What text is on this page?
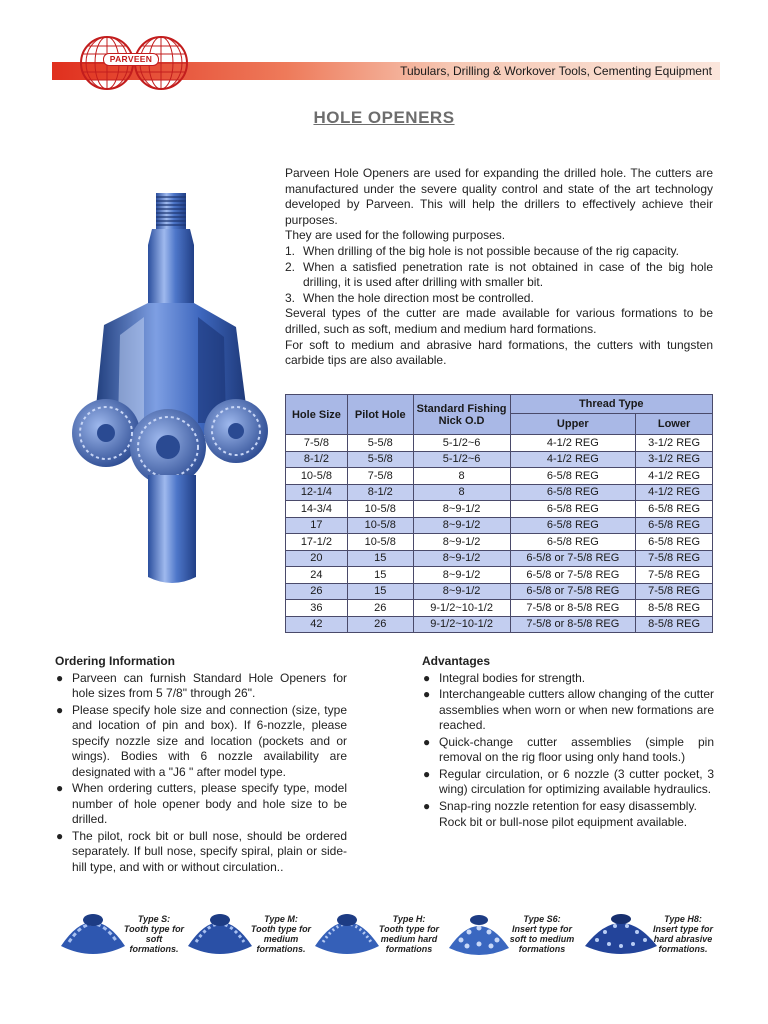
PARVEEN
Tubulars, Drilling & Workover Tools, Cementing Equipment
HOLE OPENERS

Parveen Hole Openers are used for expanding the drilled hole. The cutters are manufactured under the severe quality control and state of the art technology developed by Parveen. This will help the drillers to effectively achieve their purposes.

They are used for the following purposes.

1. When drilling of the big hole is not possible because of the rig capacity.
2. When a satisfied penetration rate is not obtained in case of the big hole drilling, it is used after drilling with smaller bit.
3. When the hole direction most be controlled.

Several types of the cutter are made available for various formations to be drilled, such as soft, medium and medium hard formations.

For soft to medium and abrasive hard formations, the cutters with tungsten carbide tips are also available.

Hole Size	Pilot Hole	Standard Fishing Nick O.D	Thread Type	
			Upper	Lower
7-5/8	5-5/8	5-1/2~6	4-1/2 REG	3-1/2 REG
8-1/2	5-5/8	5-1/2~6	4-1/2 REG	3-1/2 REG
10-5/8	7-5/8	8	6-5/8 REG	4-1/2 REG
12-1/4	8-1/2	8	6-5/8 REG	4-1/2 REG
14-3/4	10-5/8	8~9-1/2	6-5/8 REG	6-5/8 REG
17	10-5/8	8~9-1/2	6-5/8 REG	6-5/8 REG
17-1/2	10-5/8	8~9-1/2	6-5/8 REG	6-5/8 REG
20	15	8~9-1/2	6-5/8 or 7-5/8 REG	7-5/8 REG
24	15	8~9-1/2	6-5/8 or 7-5/8 REG	7-5/8 REG
26	15	8~9-1/2	6-5/8 or 7-5/8 REG	7-5/8 REG
36	26	9-1/2~10-1/2	7-5/8 or 8-5/8 REG	8-5/8 REG
42	26	9-1/2~10-1/2	7-5/8 or 8-5/8 REG	8-5/8 REG
Ordering Information
● Parveen can furnish Standard Hole Openers for hole sizes from 5 7/8" through 26".
● Please specify hole size and connection (size, type and location of pin and box). If 6-nozzle, please specify nozzle size and location (pockets and or wings). Bodies with 6 nozzle availability are designated with a "J6 " after model type.
● When ordering cutters, please specify type, model number of hole opener body and hole size to be drilled.
● The pilot, rock bit or bull nose, should be ordered separately. If bull nose, specify spiral, plain or side-hill type, and with or without circulation..
Advantages
● Integral bodies for strength.
● Interchangeable cutters allow changing of the cutter assemblies when worn or when new formations are reached.
● Quick-change cutter assemblies (simple pin removal on the rig floor using only hand tools.)
● Regular circulation, or 6 nozzle (3 cutter pocket, 3 wing) circulation for optimizing available hydraulics.
● Snap-ring nozzle retention for easy disassembly.
Rock bit or bull-nose pilot equipment available.
Type S:
Tooth type for soft formations.
Type M:
Tooth type for medium formations.
Type H:
Tooth type for medium hard formations
Type S6:
Insert type for soft to medium formations
Type H8:
Insert type for hard abrasive formations.
